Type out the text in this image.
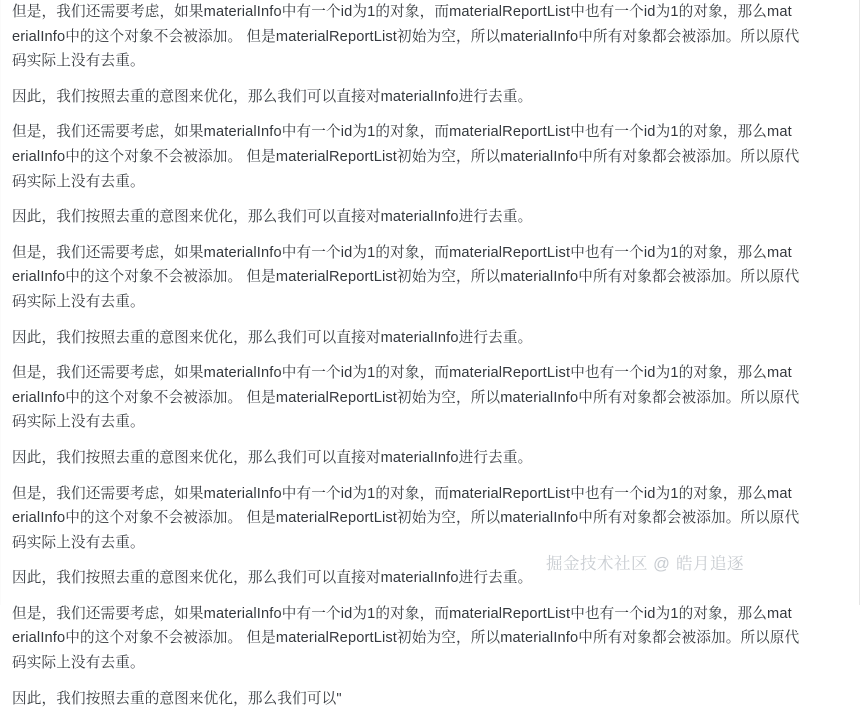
但是，我们还需要考虑，如果materialInfo中有一个id为1的对象，而materialReportList中也有一个id为1的对象，那么materialInfo中的这个对象不会被添加。 但是materialReportList初始为空，所以materialInfo中所有对象都会被添加。所以原代码实际上没有去重。

因此，我们按照去重的意图来优化，那么我们可以直接对materialInfo进行去重。

但是，我们还需要考虑，如果materialInfo中有一个id为1的对象，而materialReportList中也有一个id为1的对象，那么materialInfo中的这个对象不会被添加。 但是materialReportList初始为空，所以materialInfo中所有对象都会被添加。所以原代码实际上没有去重。

因此，我们按照去重的意图来优化，那么我们可以直接对materialInfo进行去重。

但是，我们还需要考虑，如果materialInfo中有一个id为1的对象，而materialReportList中也有一个id为1的对象，那么materialInfo中的这个对象不会被添加。 但是materialReportList初始为空，所以materialInfo中所有对象都会被添加。所以原代码实际上没有去重。

因此，我们按照去重的意图来优化，那么我们可以直接对materialInfo进行去重。

但是，我们还需要考虑，如果materialInfo中有一个id为1的对象，而materialReportList中也有一个id为1的对象，那么materialInfo中的这个对象不会被添加。 但是materialReportList初始为空，所以materialInfo中所有对象都会被添加。所以原代码实际上没有去重。

因此，我们按照去重的意图来优化，那么我们可以直接对materialInfo进行去重。

但是，我们还需要考虑，如果materialInfo中有一个id为1的对象，而materialReportList中也有一个id为1的对象，那么materialInfo中的这个对象不会被添加。 但是materialReportList初始为空，所以materialInfo中所有对象都会被添加。所以原代码实际上没有去重。

因此，我们按照去重的意图来优化，那么我们可以直接对materialInfo进行去重。

但是，我们还需要考虑，如果materialInfo中有一个id为1的对象，而materialReportList中也有一个id为1的对象，那么materialInfo中的这个对象不会被添加。 但是materialReportList初始为空，所以materialInfo中所有对象都会被添加。所以原代码实际上没有去重。

因此，我们按照去重的意图来优化，那么我们可以"

掘金技术社区 @ 皓月追逐
